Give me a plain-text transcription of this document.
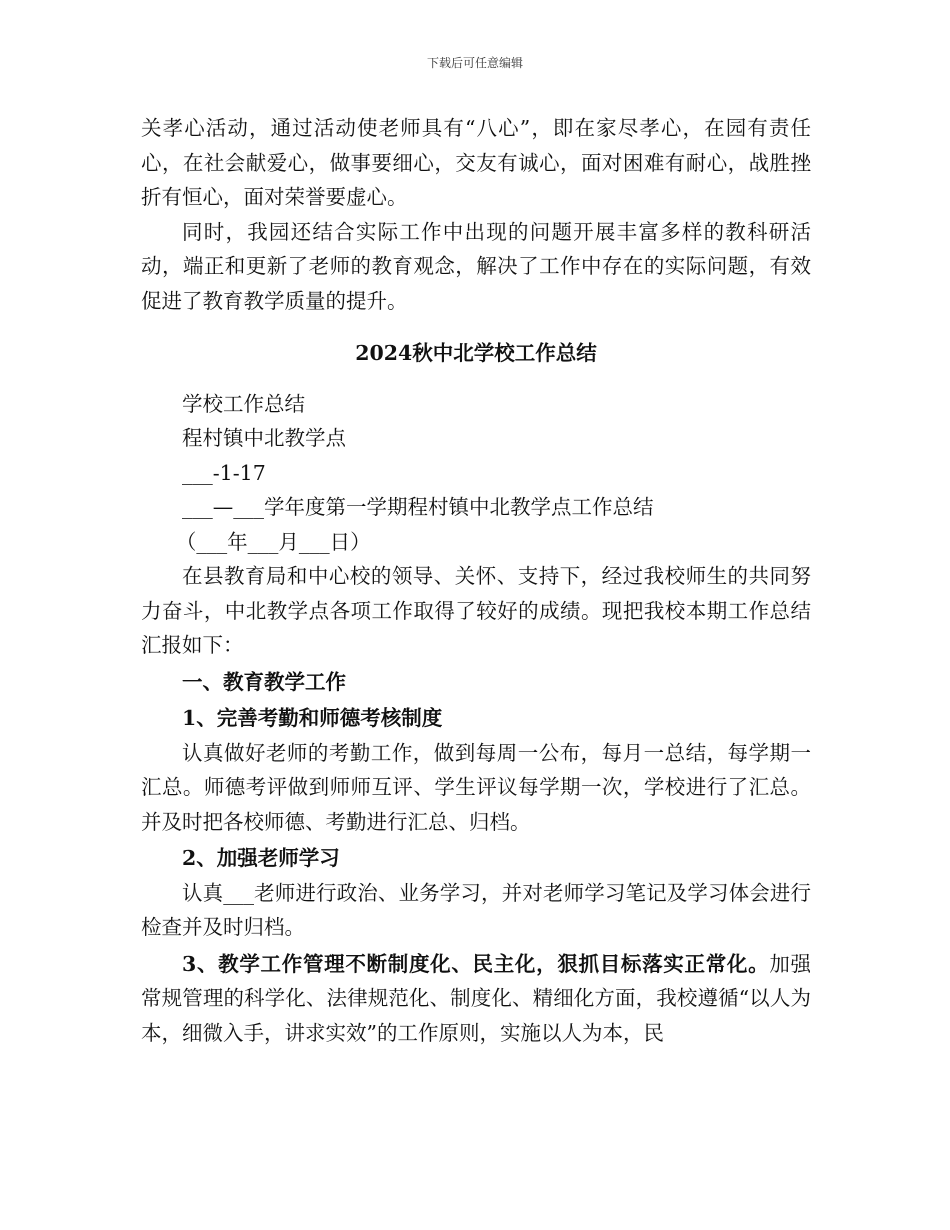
下载后可任意编辑

关孝心活动，通过活动使老师具有“八心”，即在家尽孝心，在园有责任心，在社会献爱心，做事要细心，交友有诚心，面对困难有耐心，战胜挫折有恒心，面对荣誉要虚心。

同时，我园还结合实际工作中出现的问题开展丰富多样的教科研活动，端正和更新了老师的教育观念，解决了工作中存在的实际问题，有效促进了教育教学质量的提升。

2024秋中北学校工作总结

学校工作总结

程村镇中北教学点

___-1-17

___—___学年度第一学期程村镇中北教学点工作总结

（___年___月___日）

在县教育局和中心校的领导、关怀、支持下，经过我校师生的共同努力奋斗，中北教学点各项工作取得了较好的成绩。现把我校本期工作总结汇报如下：

一、教育教学工作

1、完善考勤和师德考核制度

认真做好老师的考勤工作，做到每周一公布，每月一总结，每学期一汇总。师德考评做到师师互评、学生评议每学期一次，学校进行了汇总。并及时把各校师德、考勤进行汇总、归档。

2、加强老师学习

认真___老师进行政治、业务学习，并对老师学习笔记及学习体会进行检查并及时归档。

3、教学工作管理不断制度化、民主化，狠抓目标落实正常化。加强常规管理的科学化、法律规范化、制度化、精细化方面，我校遵循“以人为本，细微入手，讲求实效”的工作原则，实施以人为本，民
